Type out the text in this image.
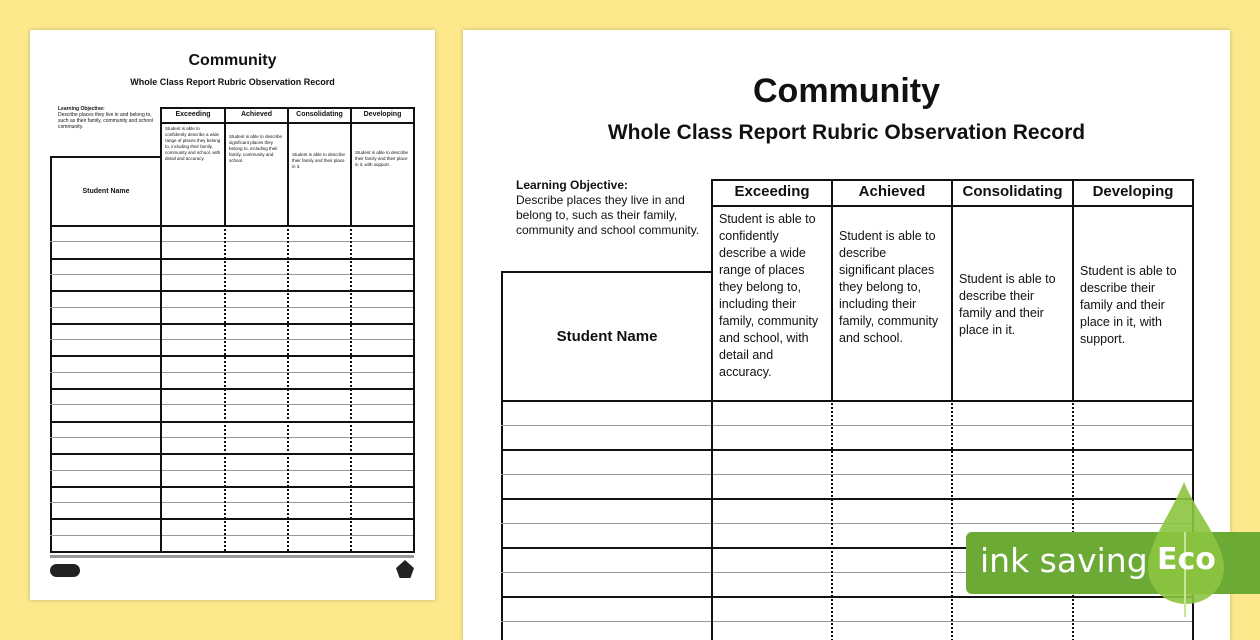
Community
Whole Class Report Rubric Observation Record
Learning Objective:
Describe places they live in and belong to, such as their family, community and school community.
Exceeding
Student is able to confidently describe a wide range of places they belong to, including their family, community and school, with detail and accuracy.
Achieved
Student is able to describe significant places they belong to, including their family, community and school.
Consolidating
Student is able to describe their family and their place in it.
Developing
Student is able to describe their family and their place in it, with support.
Student Name
Community
Whole Class Report Rubric Observation Record
Learning Objective:
Describe places they live in and belong to, such as their family, community and school community.
Exceeding
Student is able to confidently describe a wide range of places they belong to, including their family, community and school, with detail and accuracy.
Achieved
Student is able to describe significant places they belong to, including their family, community and school.
Consolidating
Student is able to describe their family and their place in it.
Developing
Student is able to describe their family and their place in it, with support.
Student Name
ink saving Eco
